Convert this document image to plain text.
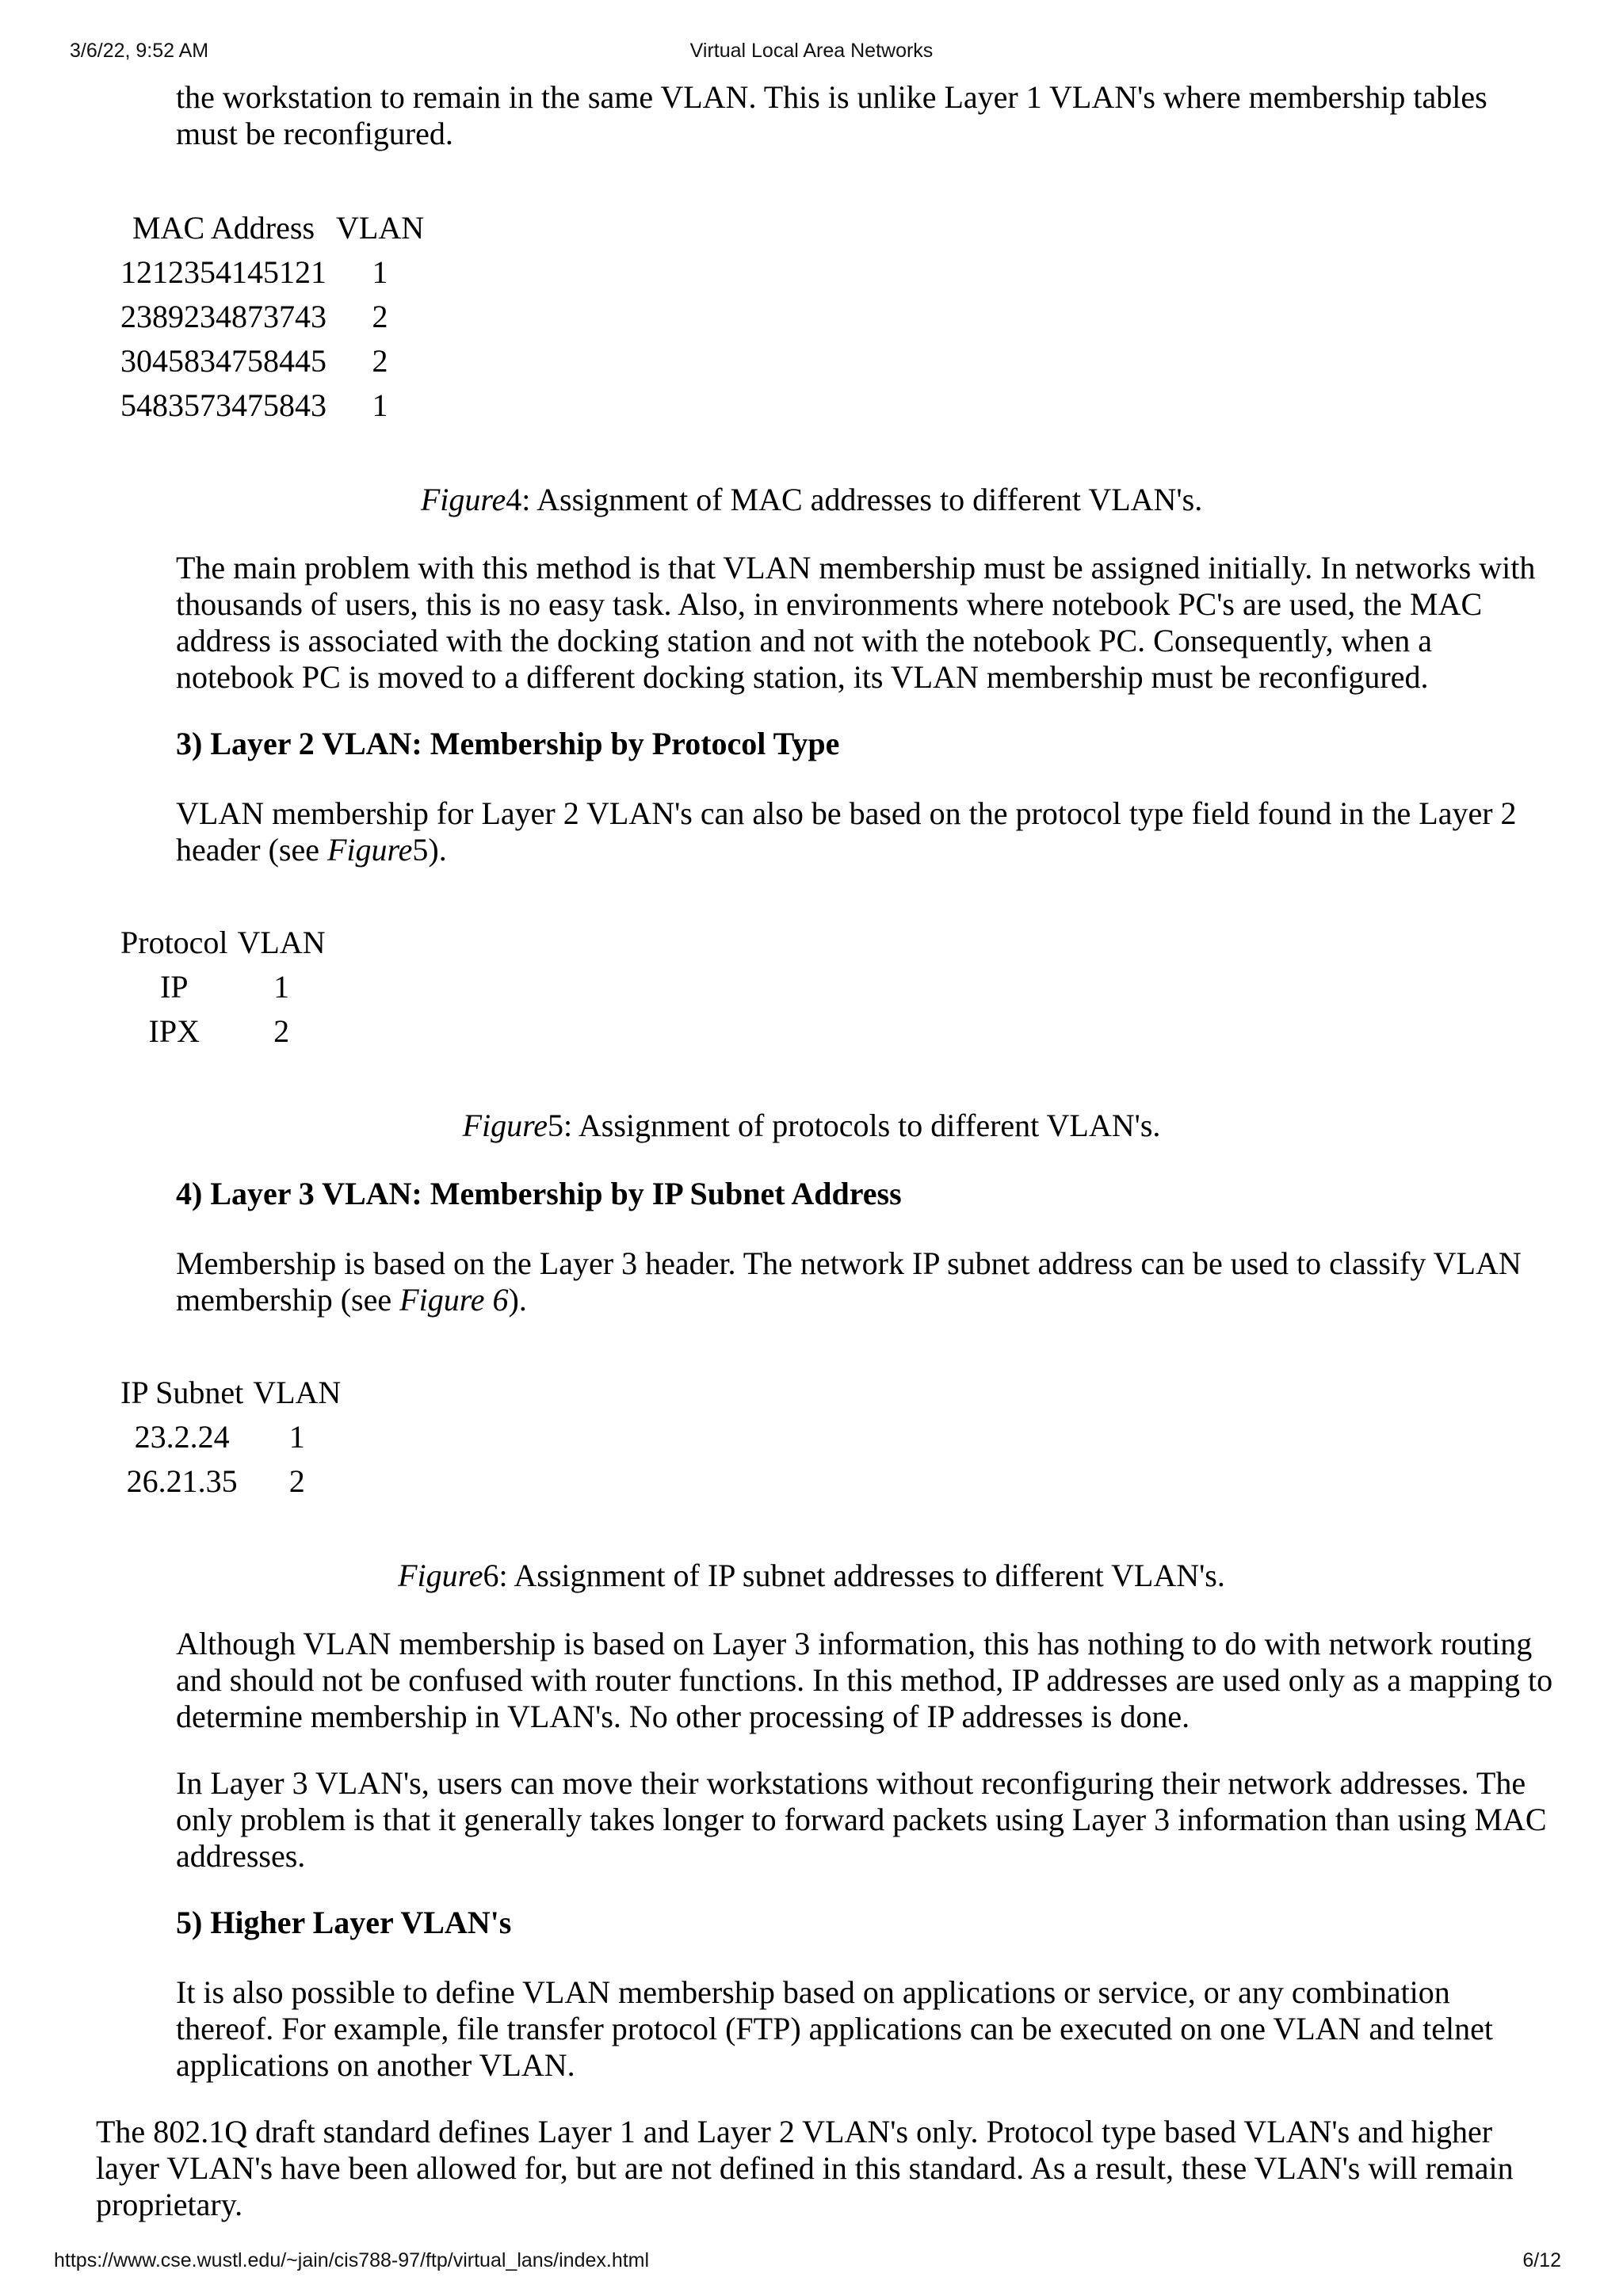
3/6/22, 9:52 AM	Virtual Local Area Networks

the workstation to remain in the same VLAN. This is unlike Layer 1 VLAN's where membership tables must be reconfigured.

MAC Address	VLAN
1212354145121	1
2389234873743	2
3045834758445	2
5483573475843	1

Figure4: Assignment of MAC addresses to different VLAN's.

The main problem with this method is that VLAN membership must be assigned initially. In networks with thousands of users, this is no easy task. Also, in environments where notebook PC's are used, the MAC address is associated with the docking station and not with the notebook PC. Consequently, when a notebook PC is moved to a different docking station, its VLAN membership must be reconfigured.

3) Layer 2 VLAN: Membership by Protocol Type

VLAN membership for Layer 2 VLAN's can also be based on the protocol type field found in the Layer 2 header (see Figure5).

Protocol	VLAN
IP	1
IPX	2

Figure5: Assignment of protocols to different VLAN's.

4) Layer 3 VLAN: Membership by IP Subnet Address

Membership is based on the Layer 3 header. The network IP subnet address can be used to classify VLAN membership (see Figure 6).

IP Subnet	VLAN
23.2.24	1
26.21.35	2

Figure6: Assignment of IP subnet addresses to different VLAN's.

Although VLAN membership is based on Layer 3 information, this has nothing to do with network routing and should not be confused with router functions. In this method, IP addresses are used only as a mapping to determine membership in VLAN's. No other processing of IP addresses is done.

In Layer 3 VLAN's, users can move their workstations without reconfiguring their network addresses. The only problem is that it generally takes longer to forward packets using Layer 3 information than using MAC addresses.

5) Higher Layer VLAN's

It is also possible to define VLAN membership based on applications or service, or any combination thereof. For example, file transfer protocol (FTP) applications can be executed on one VLAN and telnet applications on another VLAN.

The 802.1Q draft standard defines Layer 1 and Layer 2 VLAN's only. Protocol type based VLAN's and higher layer VLAN's have been allowed for, but are not defined in this standard. As a result, these VLAN's will remain proprietary.

https://www.cse.wustl.edu/~jain/cis788-97/ftp/virtual_lans/index.html	6/12
